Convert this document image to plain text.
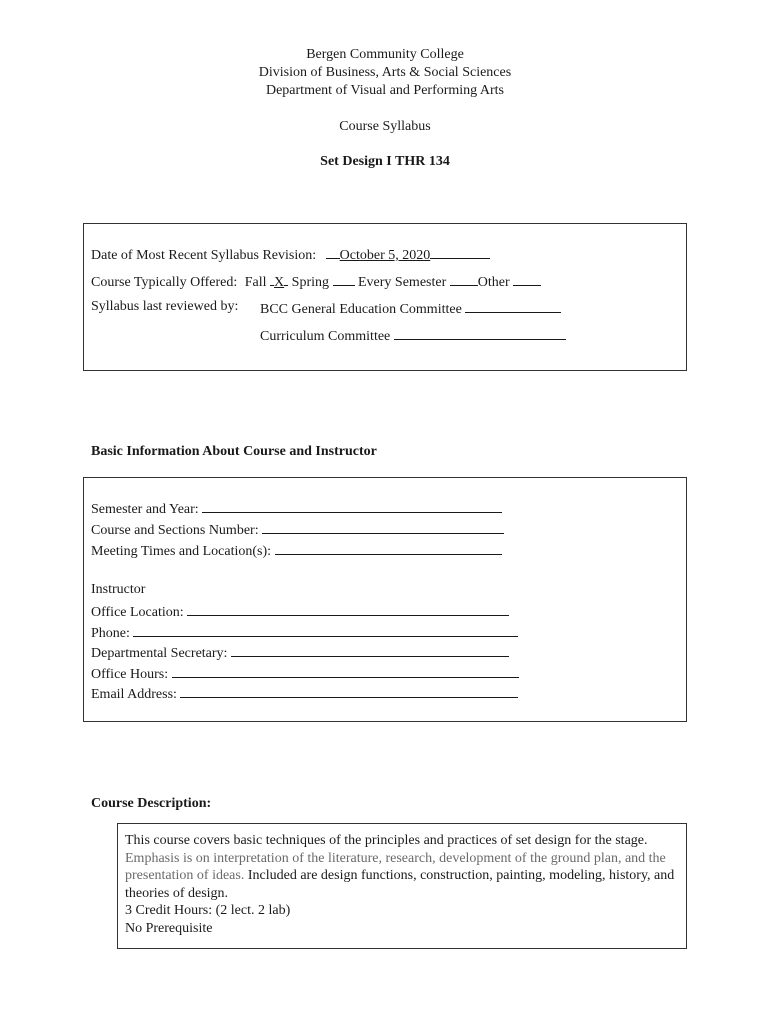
Bergen Community College
Division of Business, Arts & Social Sciences
Department of Visual and Performing Arts
Course Syllabus
Set Design I THR 134
Date of Most Recent Syllabus Revision: October 5, 2020
Course Typically Offered: Fall X Spring Every Semester Other
Syllabus last reviewed by: BCC General Education Committee
Curriculum Committee
Basic Information About Course and Instructor
Semester and Year:
Course and Sections Number:
Meeting Times and Location(s):
Instructor
Office Location:
Phone:
Departmental Secretary:
Office Hours:
Email Address:
Course Description:

This course covers basic techniques of the principles and practices of set design for the stage. Emphasis is on interpretation of the literature, research, development of the ground plan, and the presentation of ideas. Included are design functions, construction, painting, modeling, history, and theories of design.

3 Credit Hours: (2 lect. 2 lab)

No Prerequisite
